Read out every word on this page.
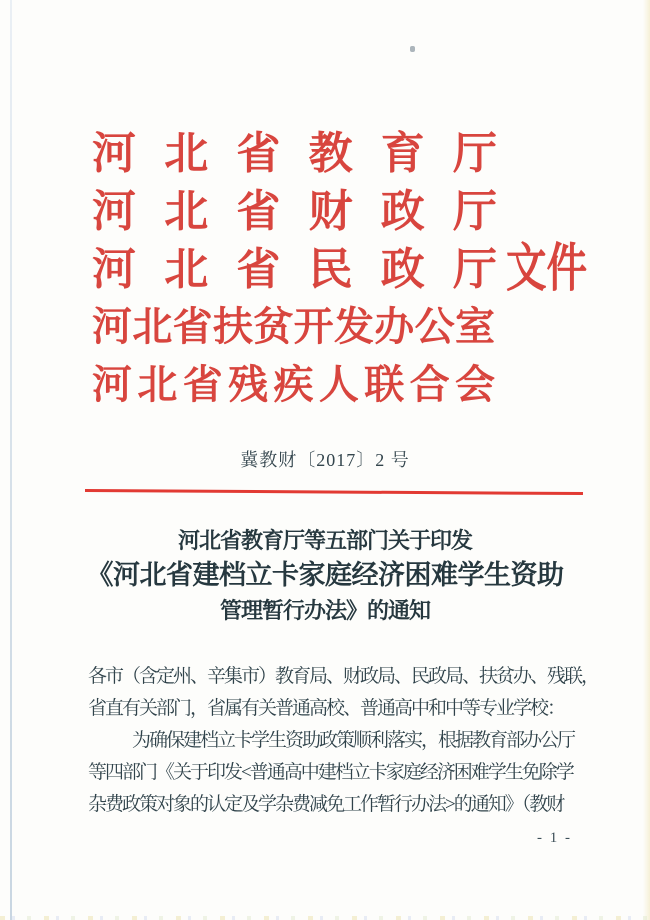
河 北 省 教 育 厅
河 北 省 财 政 厅
河 北 省 民 政 厅
河 北 省 扶 贫 开 发 办 公 室
河 北 省 残 疾 人 联 合 会
文件
冀教财〔2017〕2 号
河北省教育厅等五部门关于印发
《河北省建档立卡家庭经济困难学生资助
管理暂行办法》的通知
各市（含定州、辛集市）教育局、财政局、民政局、扶贫办、残联，
省直有关部门，省属有关普通高校、普通高中和中等专业学校：
为确保建档立卡学生资助政策顺利落实，根据教育部办公厅
等四部门《关于印发<普通高中建档立卡家庭经济困难学生免除学
杂费政策对象的认定及学杂费减免工作暂行办法>的通知》（教财
- 1 -
